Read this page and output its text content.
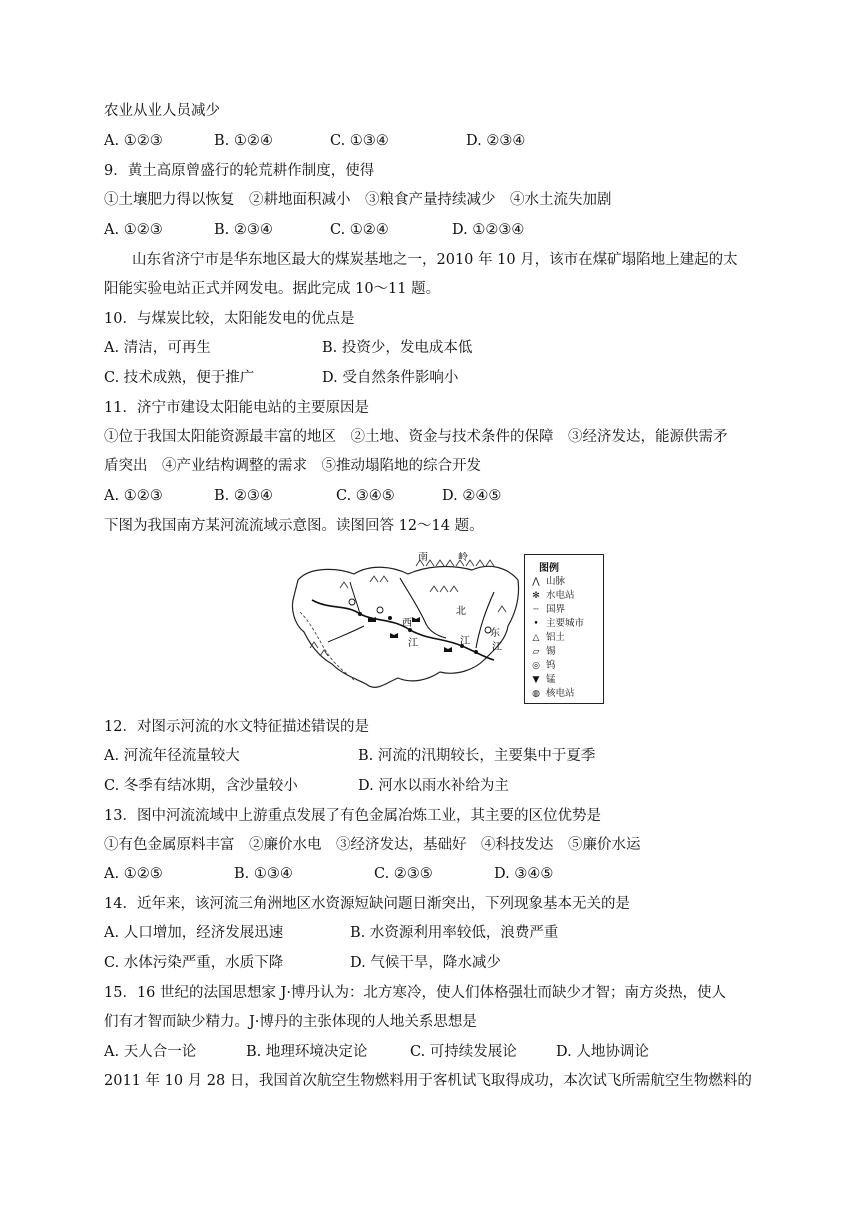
农业从业人员减少
A. ①②③	B. ①②④	C. ①③④	D. ②③④
9．黄土高原曾盛行的轮荒耕作制度，使得
①土壤肥力得以恢复　②耕地面积减小　③粮食产量持续减少　④水土流失加剧
A. ①②③	B. ②③④	C. ①②④	D. ①②③④
山东省济宁市是华东地区最大的煤炭基地之一，2010 年 10 月，该市在煤矿塌陷地上建起的太
阳能实验电站正式并网发电。据此完成 10～11 题。
10．与煤炭比较，太阳能发电的优点是
A. 清洁，可再生	B. 投资少，发电成本低
C. 技术成熟，便于推广	D. 受自然条件影响小
11．济宁市建设太阳能电站的主要原因是
①位于我国太阳能资源最丰富的地区　②土地、资金与技术条件的保障　③经济发达，能源供需矛
盾突出　④产业结构调整的需求　⑤推动塌陷地的综合开发
A. ①②③	B. ②③④	C. ③④⑤	D. ②④⑤
下图为我国南方某河流流域示意图。读图回答 12～14 题。
南	岭
西
江
北
江
东
江
图例
⋀ 山脉
✻ 水电站
┄ 国界
• 主要城市
△ 铝土
▱ 锡
◎ 钨
▼ 锰
◍ 核电站
12．对图示河流的水文特征描述错误的是
A. 河流年径流量较大	B. 河流的汛期较长，主要集中于夏季
C. 冬季有结冰期，含沙量较小	D. 河水以雨水补给为主
13．图中河流流域中上游重点发展了有色金属冶炼工业，其主要的区位优势是
①有色金属原料丰富　②廉价水电　③经济发达，基础好　④科技发达　⑤廉价水运
A. ①②⑤	B. ①③④	C. ②③⑤	D. ③④⑤
14．近年来，该河流三角洲地区水资源短缺问题日渐突出，下列现象基本无关的是
A. 人口增加，经济发展迅速	B. 水资源利用率较低，浪费严重
C. 水体污染严重，水质下降	D. 气候干旱，降水减少
15．16 世纪的法国思想家 J·博丹认为：北方寒冷，使人们体格强壮而缺少才智；南方炎热，使人
们有才智而缺少精力。J·博丹的主张体现的人地关系思想是
A. 天人合一论	B. 地理环境决定论	C. 可持续发展论	D. 人地协调论
2011 年 10 月 28 日，我国首次航空生物燃料用于客机试飞取得成功，本次试飞所需航空生物燃料的
